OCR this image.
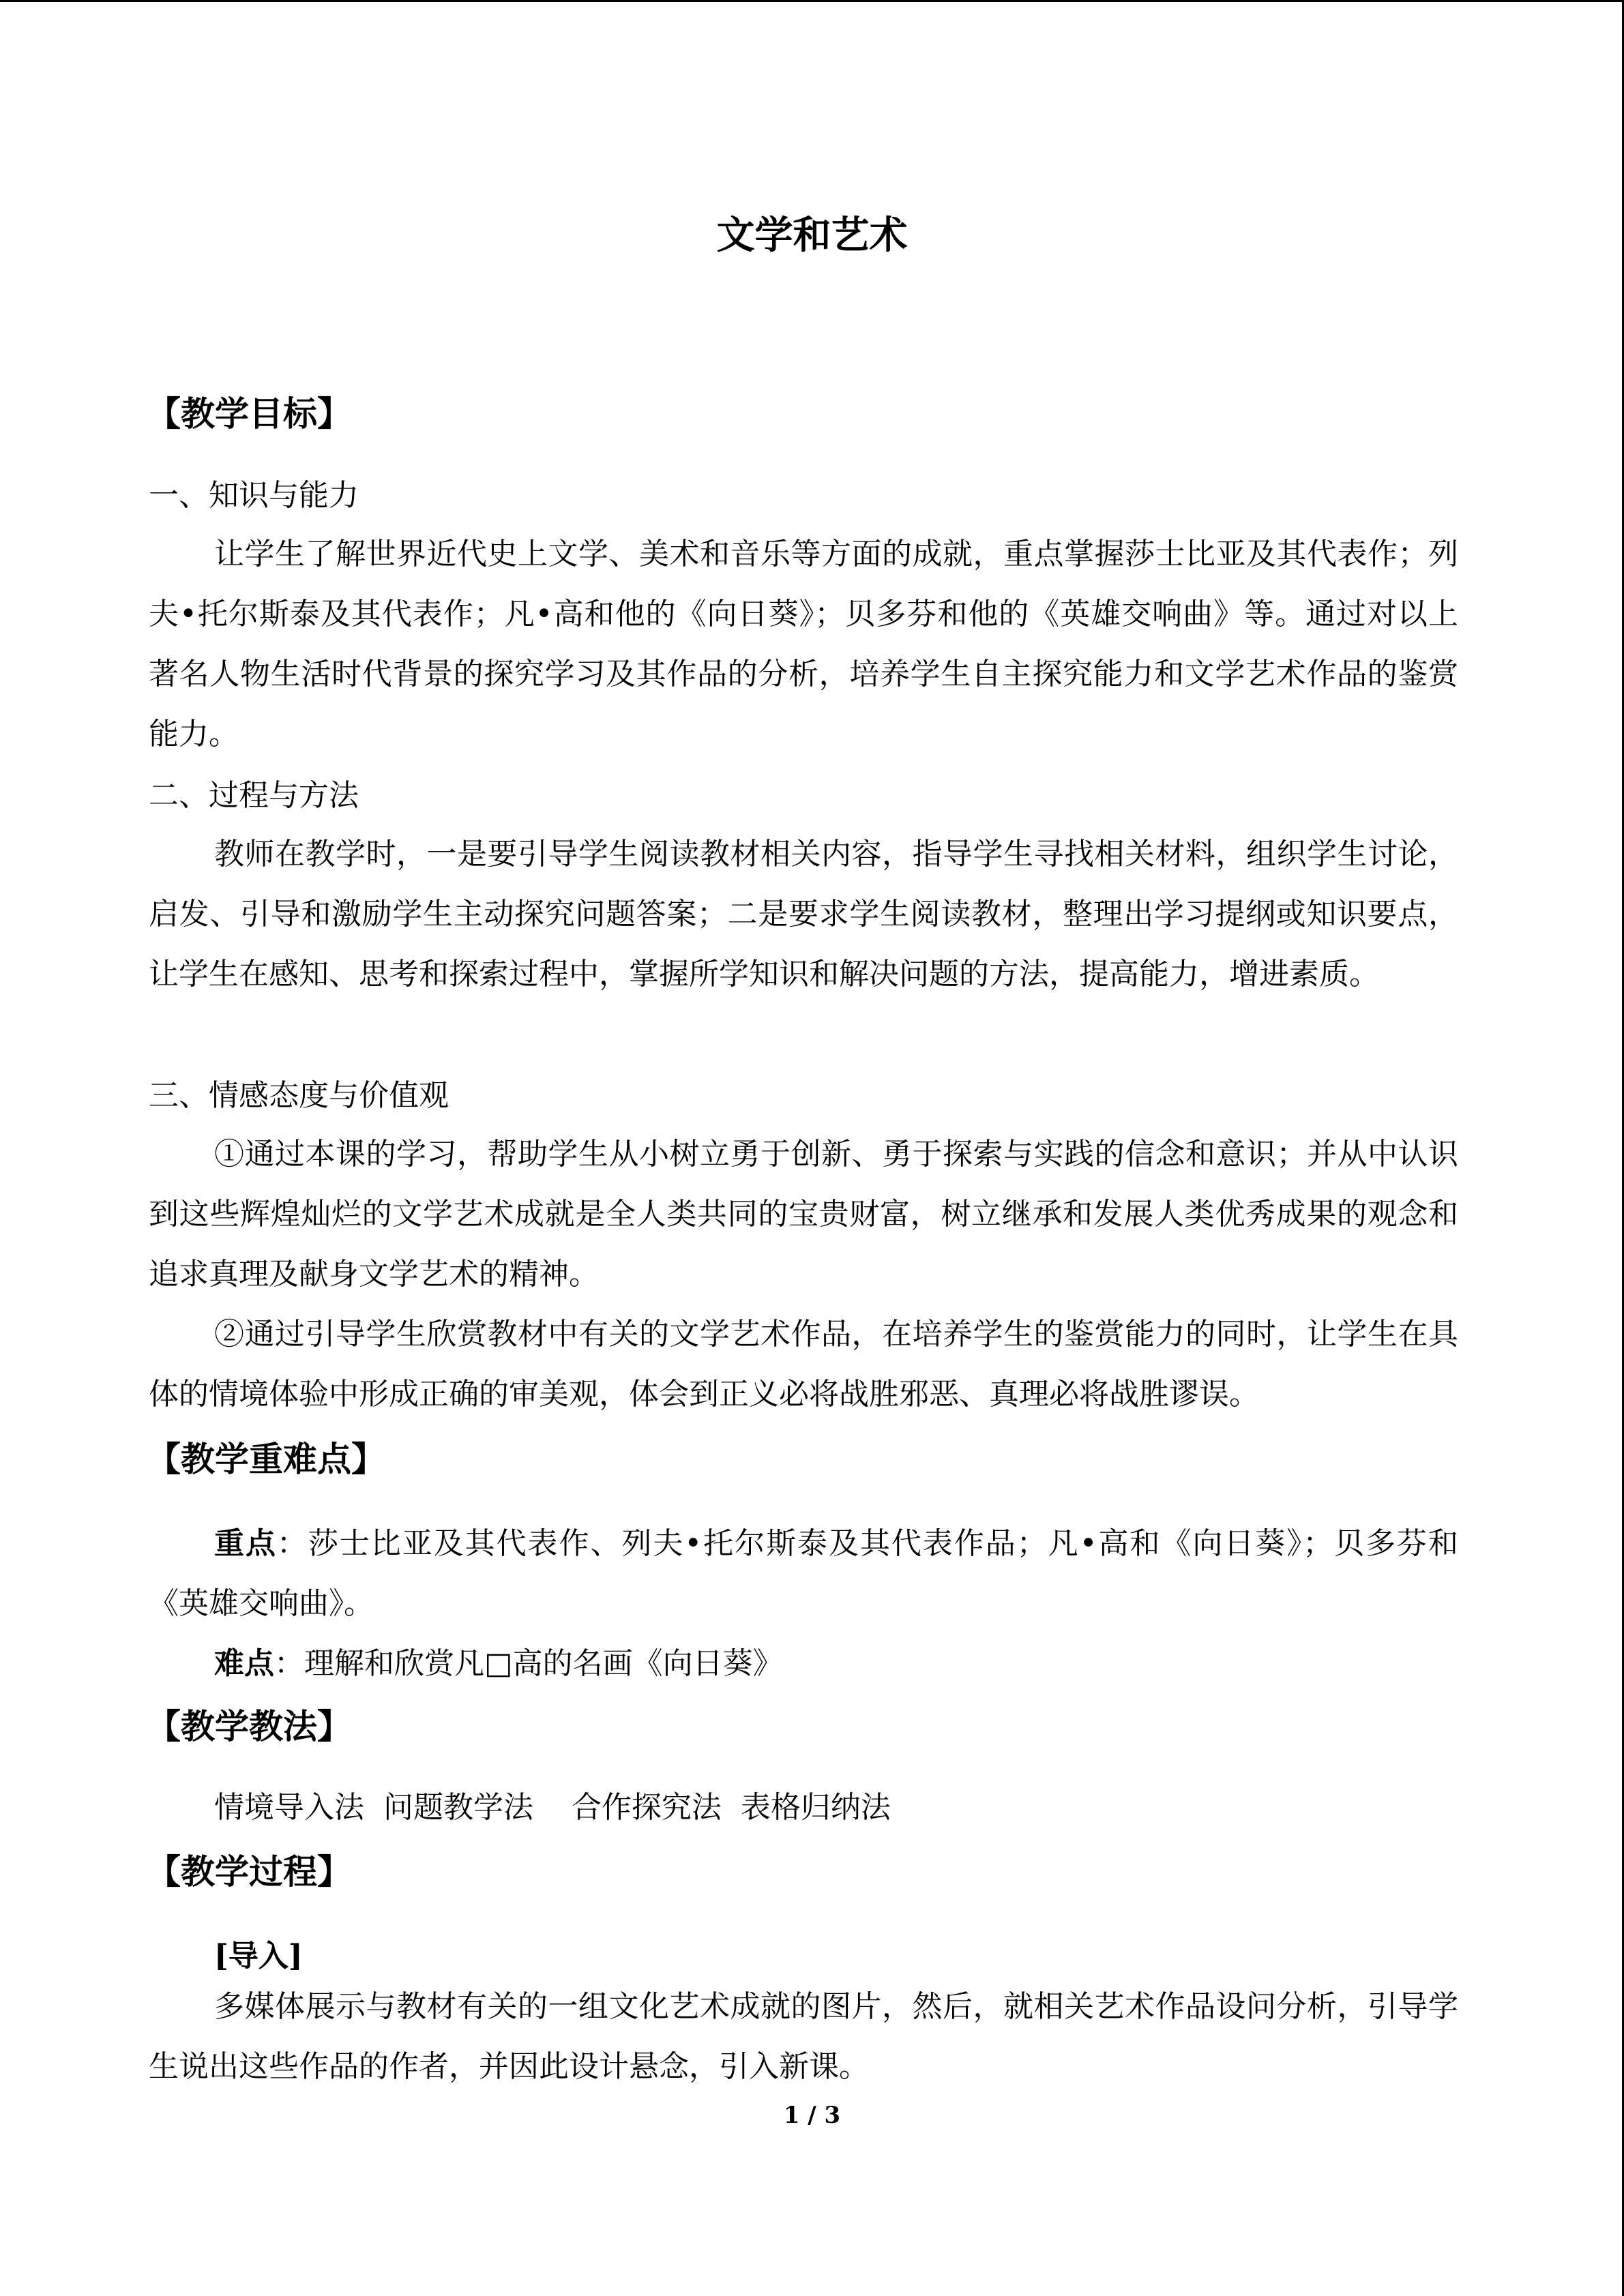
文学和艺术
【教学目标】
一、知识与能力
让学生了解世界近代史上文学、美术和音乐等方面的成就，重点掌握莎士比亚及其代表作；列夫•托尔斯泰及其代表作；凡•高和他的《向日葵》；贝多芬和他的《英雄交响曲》等。通过对以上著名人物生活时代背景的探究学习及其作品的分析，培养学生自主探究能力和文学艺术作品的鉴赏能力。
二、过程与方法
教师在教学时，一是要引导学生阅读教材相关内容，指导学生寻找相关材料，组织学生讨论，启发、引导和激励学生主动探究问题答案；二是要求学生阅读教材，整理出学习提纲或知识要点，让学生在感知、思考和探索过程中，掌握所学知识和解决问题的方法，提高能力，增进素质。
三、情感态度与价值观
①通过本课的学习，帮助学生从小树立勇于创新、勇于探索与实践的信念和意识；并从中认识到这些辉煌灿烂的文学艺术成就是全人类共同的宝贵财富，树立继承和发展人类优秀成果的观念和追求真理及献身文学艺术的精神。
②通过引导学生欣赏教材中有关的文学艺术作品，在培养学生的鉴赏能力的同时，让学生在具体的情境体验中形成正确的审美观，体会到正义必将战胜邪恶、真理必将战胜谬误。
【教学重难点】
重点：莎士比亚及其代表作、列夫•托尔斯泰及其代表作品；凡•高和《向日葵》；贝多芬和《英雄交响曲》。
难点：理解和欣赏凡□高的名画《向日葵》
【教学教法】
情境导入法  问题教学法    合作探究法  表格归纳法
【教学过程】
[导入]
多媒体展示与教材有关的一组文化艺术成就的图片，然后，就相关艺术作品设问分析，引导学生说出这些作品的作者，并因此设计悬念，引入新课。
1 / 3
